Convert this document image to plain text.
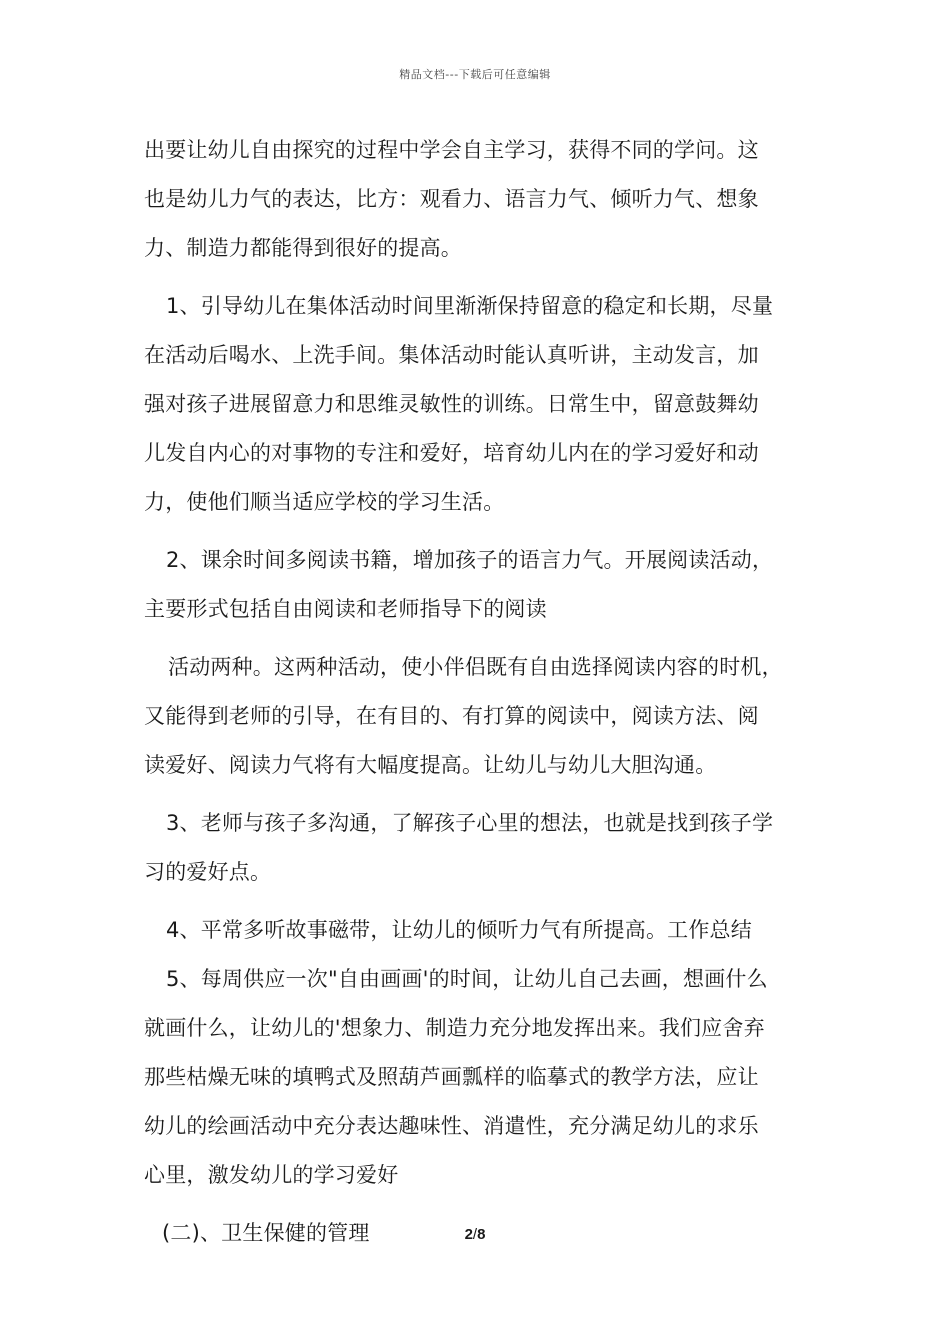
精品文档---下载后可任意编辑
出要让幼儿自由探究的过程中学会自主学习，获得不同的学问。这
也是幼儿力气的表达，比方：观看力、语言力气、倾听力气、想象
力、制造力都能得到很好的提高。
1、引导幼儿在集体活动时间里渐渐保持留意的稳定和长期，尽量
在活动后喝水、上洗手间。集体活动时能认真听讲，主动发言，加
强对孩子进展留意力和思维灵敏性的训练。日常生中，留意鼓舞幼
儿发自内心的对事物的专注和爱好，培育幼儿内在的学习爱好和动
力，使他们顺当适应学校的学习生活。
2、课余时间多阅读书籍，增加孩子的语言力气。开展阅读活动，
主要形式包括自由阅读和老师指导下的阅读
活动两种。这两种活动，使小伴侣既有自由选择阅读内容的时机，
又能得到老师的引导，在有目的、有打算的阅读中，阅读方法、阅
读爱好、阅读力气将有大幅度提高。让幼儿与幼儿大胆沟通。
3、老师与孩子多沟通，了解孩子心里的想法，也就是找到孩子学
习的爱好点。
4、平常多听故事磁带，让幼儿的倾听力气有所提高。工作总结
5、每周供应一次"自由画画'的时间，让幼儿自己去画，想画什么
就画什么，让幼儿的'想象力、制造力充分地发挥出来。我们应舍弃
那些枯燥无味的填鸭式及照葫芦画瓢样的临摹式的教学方法，应让
幼儿的绘画活动中充分表达趣味性、消遣性，充分满足幼儿的求乐
心里，激发幼儿的学习爱好
(二)、卫生保健的管理	2/8
